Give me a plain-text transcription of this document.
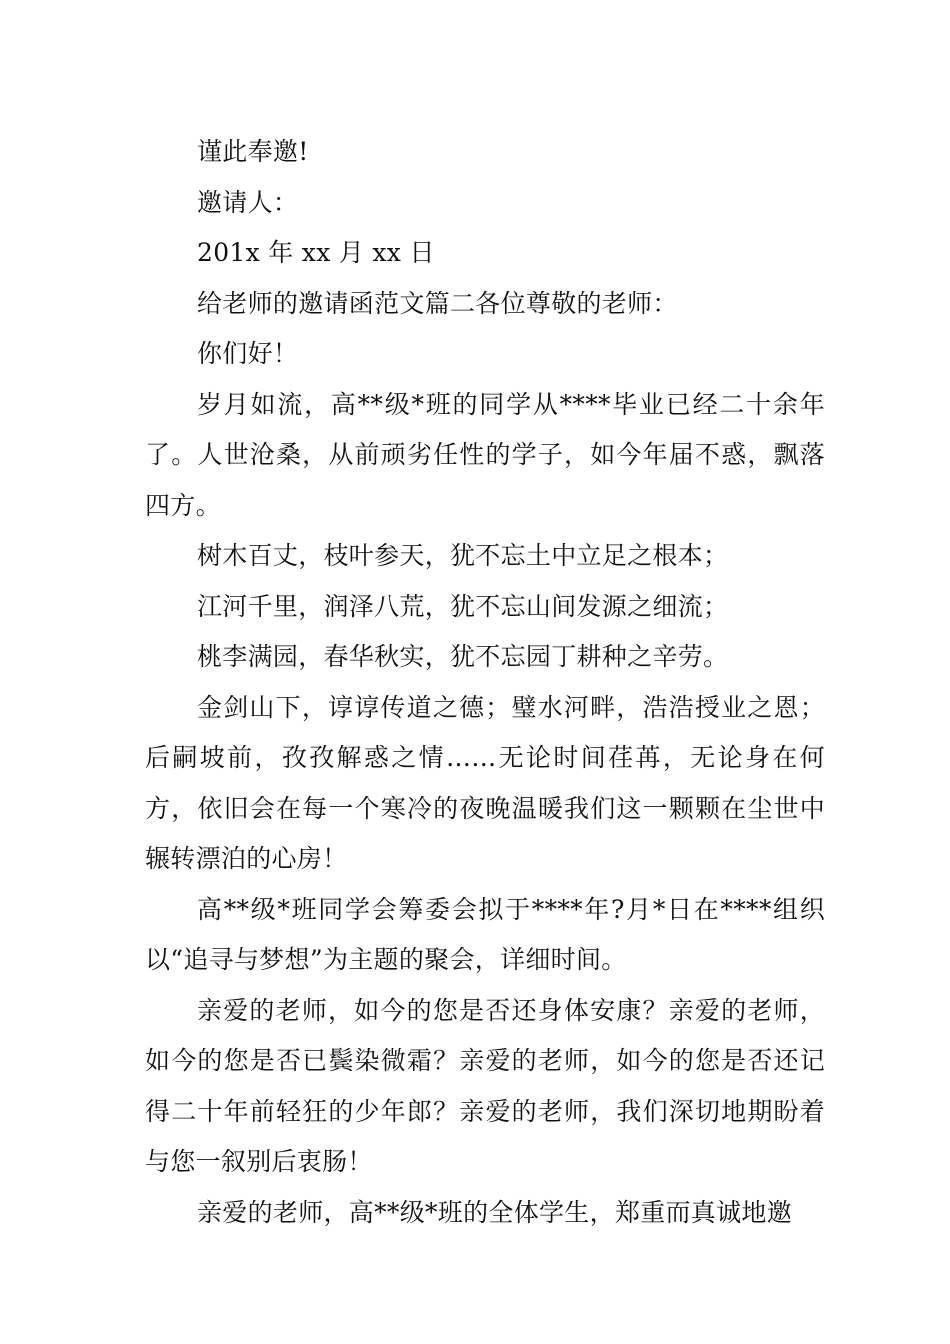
谨此奉邀!

邀请人：

201x 年 xx 月 xx 日

给老师的邀请函范文篇二各位尊敬的老师：

你们好！

岁月如流，高**级*班的同学从****毕业已经二十余年了。人世沧桑，从前顽劣任性的学子，如今年届不惑，飘落四方。

树木百丈，枝叶参天，犹不忘土中立足之根本；

江河千里，润泽八荒，犹不忘山间发源之细流；

桃李满园，春华秋实，犹不忘园丁耕种之辛劳。

金剑山下，谆谆传道之德；璧水河畔，浩浩授业之恩；后嗣坡前，孜孜解惑之情……无论时间荏苒，无论身在何方，依旧会在每一个寒冷的夜晚温暖我们这一颗颗在尘世中辗转漂泊的心房！

高**级*班同学会筹委会拟于****年?月*日在****组织以“追寻与梦想”为主题的聚会，详细时间。

亲爱的老师，如今的您是否还身体安康？亲爱的老师，如今的您是否已鬓染微霜？亲爱的老师，如今的您是否还记得二十年前轻狂的少年郎？亲爱的老师，我们深切地期盼着与您一叙别后衷肠！

亲爱的老师，高**级*班的全体学生，郑重而真诚地邀
